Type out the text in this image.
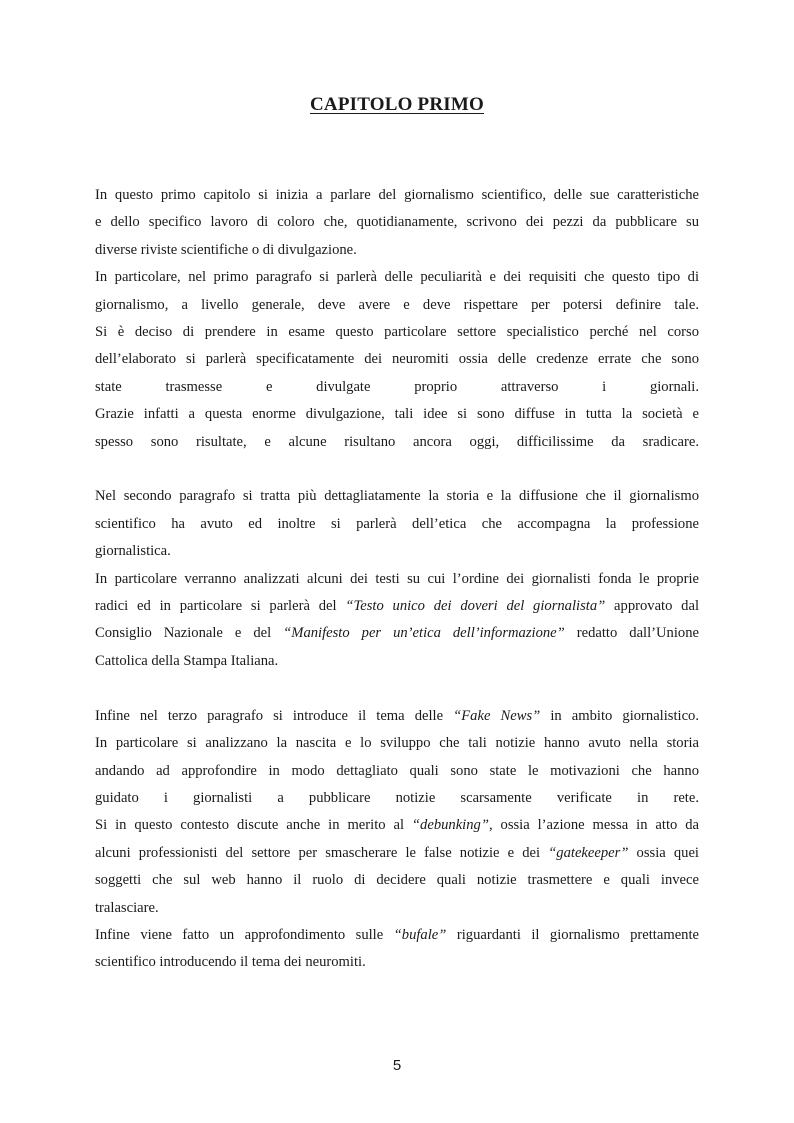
CAPITOLO PRIMO

In questo primo capitolo si inizia a parlare del giornalismo scientifico, delle sue caratteristiche
e dello specifico lavoro di coloro che, quotidianamente, scrivono dei pezzi da pubblicare su
diverse riviste scientifiche o di divulgazione.
In particolare, nel primo paragrafo si parlerà delle peculiarità e dei requisiti che questo tipo di
giornalismo, a livello generale, deve avere e deve rispettare per potersi definire tale.
Si è deciso di prendere in esame questo particolare settore specialistico perché nel corso
dell’elaborato si parlerà specificatamente dei neuromiti ossia delle credenze errate che sono
state trasmesse e divulgate proprio attraverso i giornali.
Grazie infatti a questa enorme divulgazione, tali idee si sono diffuse in tutta la società e
spesso sono risultate, e alcune risultano ancora oggi, difficilissime da sradicare.

Nel secondo paragrafo si tratta più dettagliatamente la storia e la diffusione che il giornalismo
scientifico ha avuto ed inoltre si parlerà dell’etica che accompagna la professione
giornalistica.
In particolare verranno analizzati alcuni dei testi su cui l’ordine dei giornalisti fonda le proprie
radici ed in particolare si parlerà del “Testo unico dei doveri del giornalista” approvato dal
Consiglio Nazionale e del “Manifesto per un’etica dell’informazione” redatto dall’Unione
Cattolica della Stampa Italiana.

Infine nel terzo paragrafo si introduce il tema delle “Fake News” in ambito giornalistico.
In particolare si analizzano la nascita e lo sviluppo che tali notizie hanno avuto nella storia
andando ad approfondire in modo dettagliato quali sono state le motivazioni che hanno
guidato i giornalisti a pubblicare notizie scarsamente verificate in rete.
Si in questo contesto discute anche in merito al “debunking”, ossia l’azione messa in atto da
alcuni professionisti del settore per smascherare le false notizie e dei “gatekeeper” ossia quei
soggetti che sul web hanno il ruolo di decidere quali notizie trasmettere e quali invece
tralasciare.
Infine viene fatto un approfondimento sulle “bufale” riguardanti il giornalismo prettamente
scientifico introducendo il tema dei neuromiti.

5
